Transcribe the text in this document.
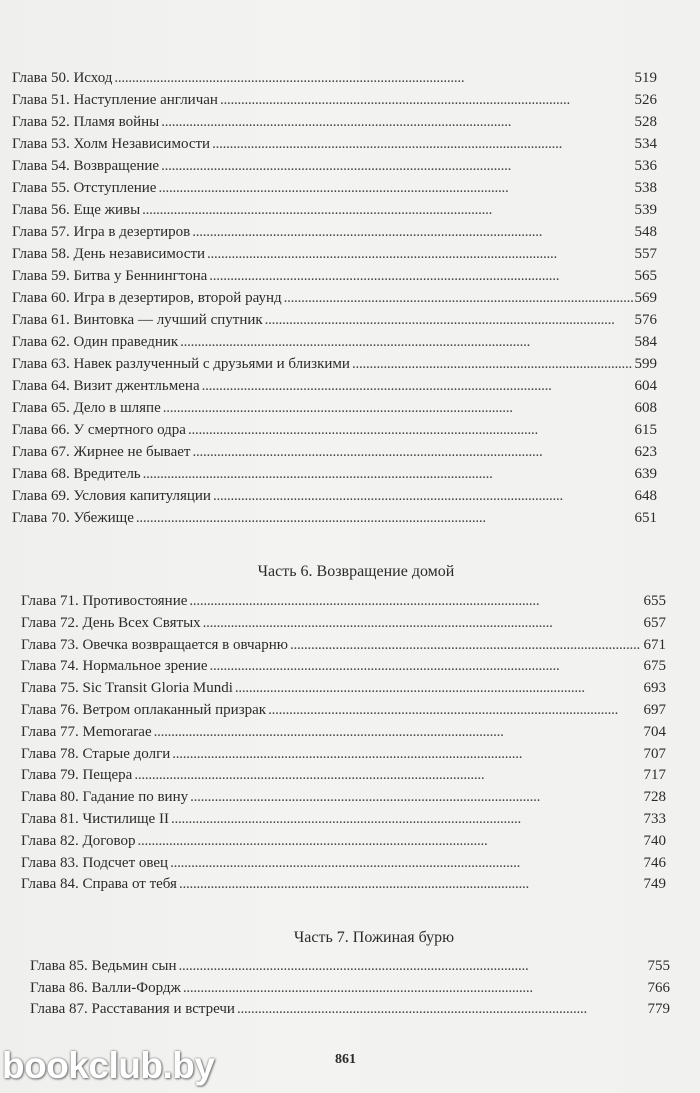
Глава 50. Исход . . .	519
Глава 51. Наступление англичан . . .	526
Глава 52. Пламя войны . . .	528
Глава 53. Холм Независимости . . .	534
Глава 54. Возвращение . . .	536
Глава 55. Отступление . . .	538
Глава 56. Еще живы . . .	539
Глава 57. Игра в дезертиров . . .	548
Глава 58. День независимости . . .	557
Глава 59. Битва у Беннингтона . . .	565
Глава 60. Игра в дезертиров, второй раунд . . .	569
Глава 61. Винтовка — лучший спутник . . .	576
Глава 62. Один праведник . . .	584
Глава 63. Навек разлученный с друзьями и близкими . . .	599
Глава 64. Визит джентльмена . . .	604
Глава 65. Дело в шляпе . . .	608
Глава 66. У смертного одра . . .	615
Глава 67. Жирнее не бывает . . .	623
Глава 68. Вредитель . . .	639
Глава 69. Условия капитуляции . . .	648
Глава 70. Убежище . . .	651
Часть 6. Возвращение домой
Глава 71. Противостояние . . .	655
Глава 72. День Всех Святых . . .	657
Глава 73. Овечка возвращается в овчарню . . .	671
Глава 74. Нормальное зрение . . .	675
Глава 75. Sic Transit Gloria Mundi . . .	693
Глава 76. Ветром оплаканный призрак . . .	697
Глава 77. Memorarae . . .	704
Глава 78. Старые долги . . .	707
Глава 79. Пещера . . .	717
Глава 80. Гадание по вину . . .	728
Глава 81. Чистилище II . . .	733
Глава 82. Договор . . .	740
Глава 83. Подсчет овец . . .	746
Глава 84. Справа от тебя . . .	749
Часть 7. Пожиная бурю
Глава 85. Ведьмин сын . . .	755
Глава 86. Валли-Фордж . . .	766
Глава 87. Расставания и встречи . . .	779
861
bookclub.by
